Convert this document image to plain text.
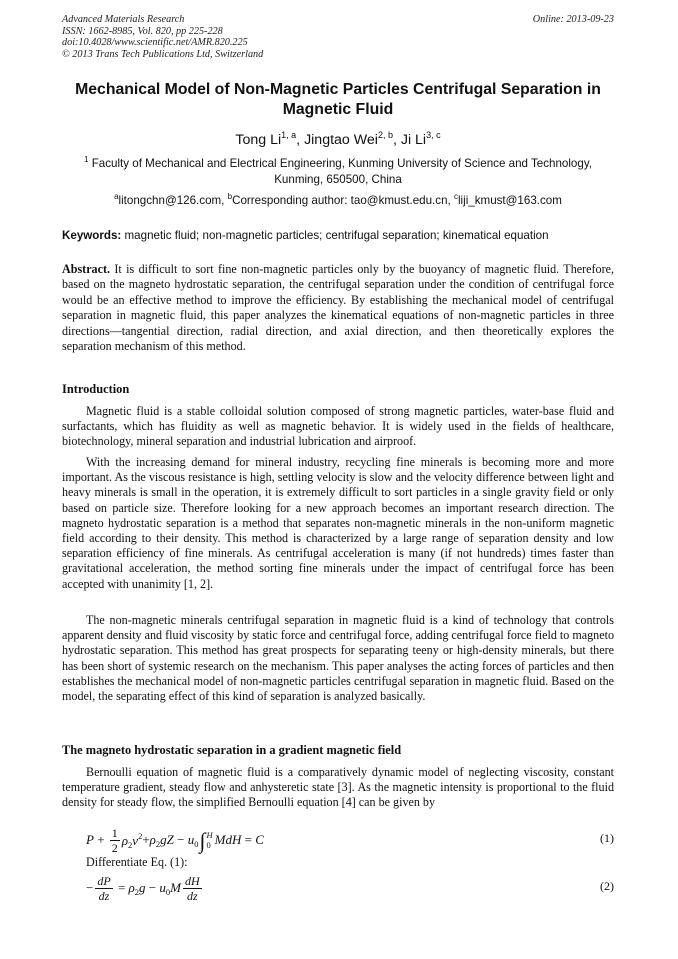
Advanced Materials Research
ISSN: 1662-8985, Vol. 820, pp 225-228
doi:10.4028/www.scientific.net/AMR.820.225
© 2013 Trans Tech Publications Ltd, Switzerland
Online: 2013-09-23
Mechanical Model of Non-Magnetic Particles Centrifugal Separation in Magnetic Fluid
Tong Li$^{1, a}$, Jingtao Wei$^{2, b}$, Ji Li$^{3, c}$
$^1$ Faculty of Mechanical and Electrical Engineering, Kunming University of Science and Technology, Kunming, 650500, China
$^a$litongchn@126.com, $^b$Corresponding author: tao@kmust.edu.cn, $^c$liji_kmust@163.com
Keywords: magnetic fluid; non-magnetic particles; centrifugal separation; kinematical equation
Abstract. It is difficult to sort fine non-magnetic particles only by the buoyancy of magnetic fluid. Therefore, based on the magneto hydrostatic separation, the centrifugal separation under the condition of centrifugal force would be an effective method to improve the efficiency. By establishing the mechanical model of centrifugal separation in magnetic fluid, this paper analyzes the kinematical equations of non-magnetic particles in three directions—tangential direction, radial direction, and axial direction, and then theoretically explores the separation mechanism of this method.
Introduction
Magnetic fluid is a stable colloidal solution composed of strong magnetic particles, water-base fluid and surfactants, which has fluidity as well as magnetic behavior. It is widely used in the fields of healthcare, biotechnology, mineral separation and industrial lubrication and airproof.
With the increasing demand for mineral industry, recycling fine minerals is becoming more and more important. As the viscous resistance is high, settling velocity is slow and the velocity difference between light and heavy minerals is small in the operation, it is extremely difficult to sort particles in a single gravity field or only based on particle size. Therefore looking for a new approach becomes an important research direction. The magneto hydrostatic separation is a method that separates non-magnetic minerals in the non-uniform magnetic field according to their density. This method is characterized by a large range of separation density and low separation efficiency of fine minerals. As centrifugal acceleration is many (if not hundreds) times faster than gravitational acceleration, the method sorting fine minerals under the impact of centrifugal force has been accepted with unanimity [1, 2].
The non-magnetic minerals centrifugal separation in magnetic fluid is a kind of technology that controls apparent density and fluid viscosity by static force and centrifugal force, adding centrifugal force field to magneto hydrostatic separation. This method has great prospects for separating teeny or high-density minerals, but there has been short of systemic research on the mechanism. This paper analyses the acting forces of particles and then establishes the mechanical model of non-magnetic particles centrifugal separation in magnetic fluid. Based on the model, the separating effect of this kind of separation is analyzed basically.
The magneto hydrostatic separation in a gradient magnetic field
Bernoulli equation of magnetic fluid is a comparatively dynamic model of neglecting viscosity, constant temperature gradient, steady flow and anhysteretic state [3]. As the magnetic intensity is proportional to the fluid density for steady flow, the simplified Bernoulli equation [4] can be given by
$P + \frac{1}{2} \rho_2v^2 + \rho_2gZ - u_0$ ∫ H
0 MdH = C	(1)
Differentiate Eq. (1):
− $\frac{dP}{dz} = \rho_2g - u_0M \frac{dH}{dz}$	(2)
